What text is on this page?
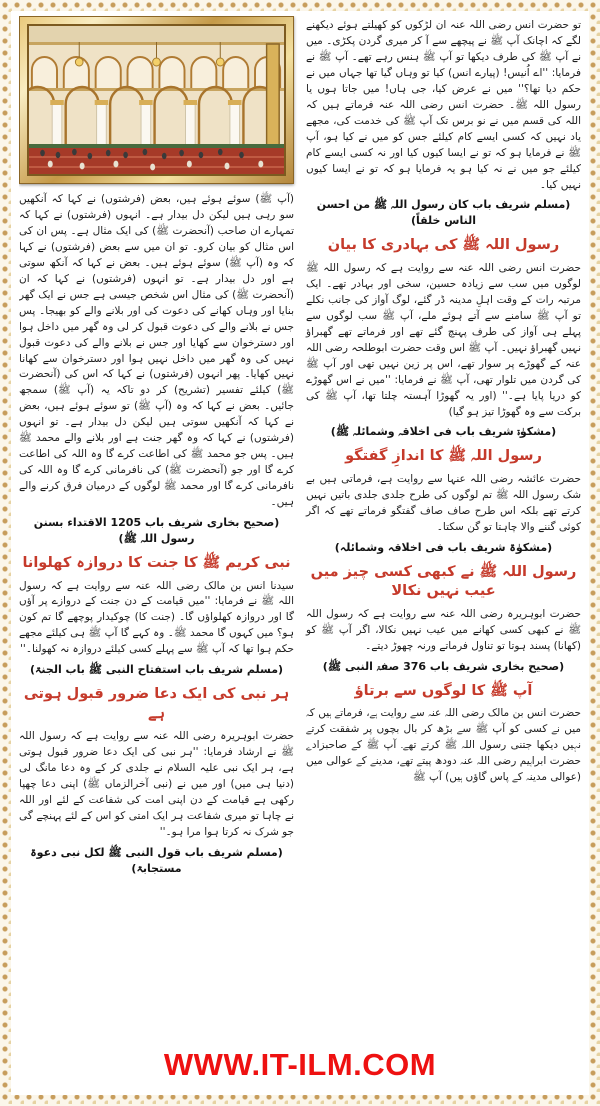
تو حضرت انس رضی اللہ عنہ ان لڑکوں کو کھیلتے ہوئے دیکھنے لگے کہ اچانک آپ ﷺ نے پیچھے سے آ کر میری گردن پکڑی۔ میں نے آپ ﷺ کی طرف دیکھا تو آپ ﷺ ہنس رہے تھے۔ آپ ﷺ نے فرمایا: ''اے اُنیس! (پیارے انس) کیا تو وہاں گیا تھا جہاں میں نے حکم دیا تھا؟'' میں نے عرض کیا، جی ہاں! میں جاتا ہوں یا رسول اللہ ﷺ۔ حضرت انس رضی اللہ عنہ فرماتے ہیں کہ اللہ کی قسم میں نے نو برس تک آپ ﷺ کی خدمت کی، مجھے یاد نہیں کہ کسی ایسے کام کیلئے جس کو میں نے کیا ہو، آپ ﷺ نے فرمایا ہو کہ تو نے ایسا کیوں کیا اور نہ کسی ایسے کام کیلئے جو میں نے نہ کیا ہو یہ فرمایا ہو کہ تو نے ایسا کیوں نہیں کیا۔

(مسلم شریف باب کان رسول اللہ ﷺ من احسن الناس خلقاً)

رسول اللہ ﷺ کی بہادری کا بیان

حضرت انس رضی اللہ عنہ سے روایت ہے کہ رسول اللہ ﷺ لوگوں میں سب سے زیادہ حسین، سخی اور بہادر تھے۔ ایک مرتبہ رات کے وقت اہلِ مدینہ ڈر گئے، لوگ آواز کی جانب نکلے تو آپ ﷺ سامنے سے آتے ہوئے ملے، آپ ﷺ سب لوگوں سے پہلے ہی آواز کی طرف پہنچ گئے تھے اور فرماتے تھے گھبراؤ نہیں گھبراؤ نہیں۔ آپ ﷺ اس وقت حضرت ابوطلحہ رضی اللہ عنہ کے گھوڑے پر سوار تھے، اس پر زین نہیں تھی اور آپ ﷺ کی گردن میں تلوار تھی، آپ ﷺ نے فرمایا: ''میں نے اس گھوڑے کو دریا پایا ہے۔'' (اور یہ گھوڑا آہستہ چلتا تھا، آپ ﷺ کی برکت سے وہ گھوڑا تیز ہو گیا)

(مشکوٰۃ شریف باب فی اخلاقہ وشمائلہ ﷺ)

رسول اللہ ﷺ کا اندازِ گفتگو

حضرت عائشہ رضی اللہ عنہا سے روایت ہے، فرماتی ہیں بے شک رسول اللہ ﷺ تم لوگوں کی طرح جلدی جلدی باتیں نہیں کرتے تھے بلکہ اس طرح صاف صاف گفتگو فرماتے تھے کہ اگر کوئی گننے والا چاہتا تو گن سکتا۔

(مشکوٰۃ شریف باب فی اخلاقہ وشمائلہ)

رسول اللہ ﷺ نے کبھی کسی چیز میں عیب نہیں نکالا

حضرت ابوہریرہ رضی اللہ عنہ سے روایت ہے کہ رسول اللہ ﷺ نے کبھی کسی کھانے میں عیب نہیں نکالا، اگر آپ ﷺ کو (کھانا) پسند ہوتا تو تناول فرماتے ورنہ چھوڑ دیتے۔

(صحیح بخاری شریف باب 376 صفۃ النبی ﷺ)

آپ ﷺ کا لوگوں سے برتاؤ

حضرت انس بن مالک رضی اللہ عنہ سے روایت ہے، فرماتے ہیں کہ میں نے کسی کو آپ ﷺ سے بڑھ کر بال بچوں پر شفقت کرتے نہیں دیکھا جتنی رسول اللہ ﷺ کرتے تھے۔ آپ ﷺ کے صاحبزادے حضرت ابراہیم رضی اللہ عنہ دودھ پیتے تھے، مدینے کے عوالی میں (عوالی مدینہ کے پاس گاؤں ہیں) آپ ﷺ

(آپ ﷺ) سوئے ہوئے ہیں، بعض (فرشتوں) نے کہا کہ آنکھیں سو رہی ہیں لیکن دل بیدار ہے۔ انہوں (فرشتوں) نے کہا کہ تمہارے ان صاحب (آنحضرت ﷺ) کی ایک مثال ہے۔ پس ان کی اس مثال کو بیان کرو۔ تو ان میں سے بعض (فرشتوں) نے کہا کہ وہ (آپ ﷺ) سوئے ہوئے ہیں۔ بعض نے کہا کہ آنکھ سوتی ہے اور دل بیدار ہے۔ تو انہوں (فرشتوں) نے کہا کہ ان (آنحضرت ﷺ) کی مثال اس شخص جیسی ہے جس نے ایک گھر بنایا اور وہاں کھانے کی دعوت کی اور بلانے والے کو بھیجا۔ پس جس نے بلانے والے کی دعوت قبول کر لی وہ گھر میں داخل ہوا اور دسترخوان سے کھایا اور جس نے بلانے والے کی دعوت قبول نہیں کی وہ گھر میں داخل نہیں ہوا اور دسترخوان سے کھانا نہیں کھایا۔ پھر انہوں (فرشتوں) نے کہا کہ اس کی (آنحضرت ﷺ) کیلئے تفسیر (تشریح) کر دو تاکہ یہ (آپ ﷺ) سمجھ جائیں۔ بعض نے کہا کہ وہ (آپ ﷺ) تو سوئے ہوئے ہیں، بعض نے کہا کہ آنکھیں سوتی ہیں لیکن دل بیدار ہے۔ تو انہوں (فرشتوں) نے کہا کہ وہ گھر جنت ہے اور بلانے والے محمد ﷺ ہیں۔ پس جو محمد ﷺ کی اطاعت کرے گا وہ اللہ کی اطاعت کرے گا اور جو (آنحضرت ﷺ) کی نافرمانی کرے گا وہ اللہ کی نافرمانی کرے گا اور محمد ﷺ لوگوں کے درمیان فرق کرنے والے ہیں۔

(صحیح بخاری شریف باب 1205 الاقتداء بسنن رسول اللہ ﷺ)

نبی کریم ﷺ کا جنت کا دروازہ کھلوانا

سیدنا انس بن مالک رضی اللہ عنہ سے روایت ہے کہ رسول اللہ ﷺ نے فرمایا: ''میں قیامت کے دن جنت کے دروازے پر آؤں گا اور دروازہ کھلواؤں گا۔ (جنت کا) چوکیدار پوچھے گا تم کون ہو؟ میں کہوں گا محمد ﷺ۔ وہ کہے گا آپ ﷺ ہی کیلئے مجھے حکم ہوا تھا کہ آپ ﷺ سے پہلے کسی کیلئے دروازہ نہ کھولنا۔''

(مسلم شریف باب استفتاح النبی ﷺ باب الجنۃ)

ہر نبی کی ایک دعا ضرور قبول ہوتی ہے

حضرت ابوہریرہ رضی اللہ عنہ سے روایت ہے کہ رسول اللہ ﷺ نے ارشاد فرمایا: ''ہر نبی کی ایک دعا ضرور قبول ہوتی ہے، ہر ایک نبی علیہ السلام نے جلدی کر کے وہ دعا مانگ لی (دنیا ہی میں) اور میں نے (نبی آخرالزماں ﷺ) اپنی دعا چھپا رکھی ہے قیامت کے دن اپنی امت کی شفاعت کے لئے اور اللہ نے چاہا تو میری شفاعت ہر ایک امتی کو اس کے لئے پہنچے گی جو شرک نہ کرتا ہوا مرا ہو۔''

(مسلم شریف باب قول النبی ﷺ لکل نبی دعوۃ مستجابۃ)

WWW.IT-ILM.COM
